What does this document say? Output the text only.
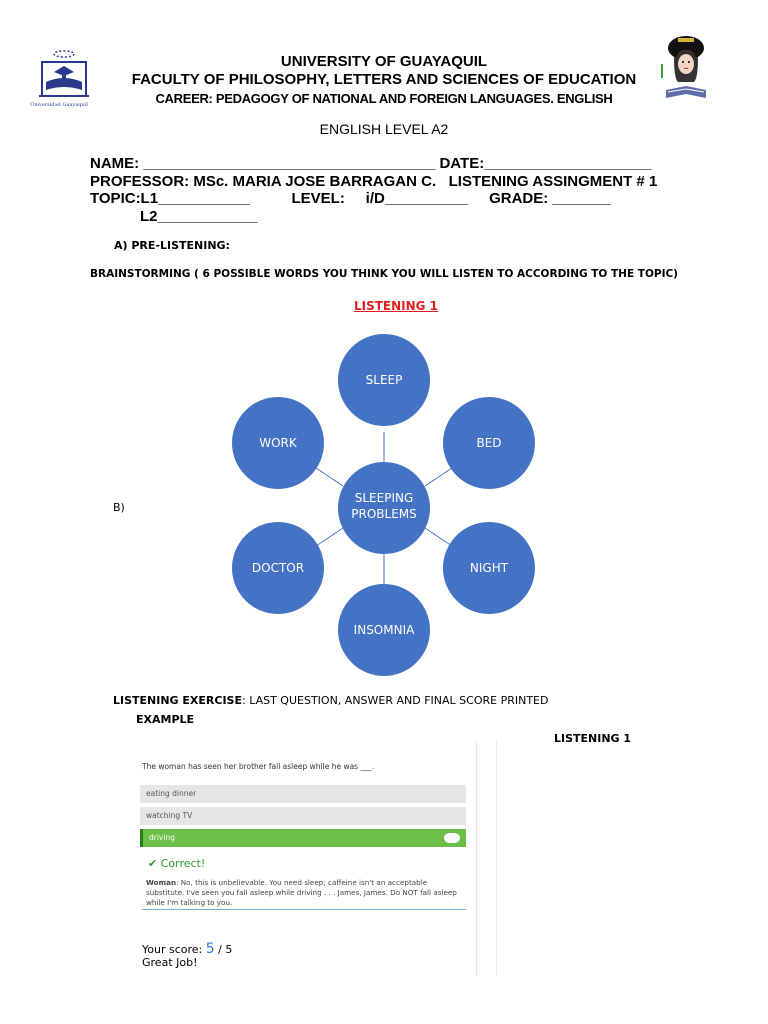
Universidad Guayaquil
UNIVERSITY OF GUAYAQUIL
FACULTY OF PHILOSOPHY, LETTERS AND SCIENCES OF EDUCATION
CAREER: PEDAGOGY OF NATIONAL AND FOREIGN LANGUAGES. ENGLISH
ENGLISH LEVEL A2
NAME: ___________________________________ DATE:____________________
PROFESSOR: MSc. MARIA JOSE BARRAGAN C.   LISTENING ASSINGMENT # 1
TOPIC:L1___________          LEVEL:     i/D__________     GRADE: _______
L2____________
A) PRE-LISTENING:
BRAINSTORMING ( 6 POSSIBLE WORDS YOU THINK YOU WILL LISTEN TO ACCORDING TO THE TOPIC)
LISTENING 1
B)
SLEEPING
PROBLEMS
SLEEP
BED
NIGHT
INSOMNIA
DOCTOR
WORK
LISTENING EXERCISE: LAST QUESTION, ANSWER AND FINAL SCORE PRINTED
EXAMPLE
LISTENING 1
The woman has seen her brother fall asleep while he was ___.
eating dinner
watching TV
driving
✔ Correct!
Woman: No, this is unbelievable. You need sleep; caffeine isn't an acceptable substitute. I've seen you fall asleep while driving . . . James, James. Do NOT fall asleep while I'm talking to you.
Your score: 5 / 5
Great Job!
